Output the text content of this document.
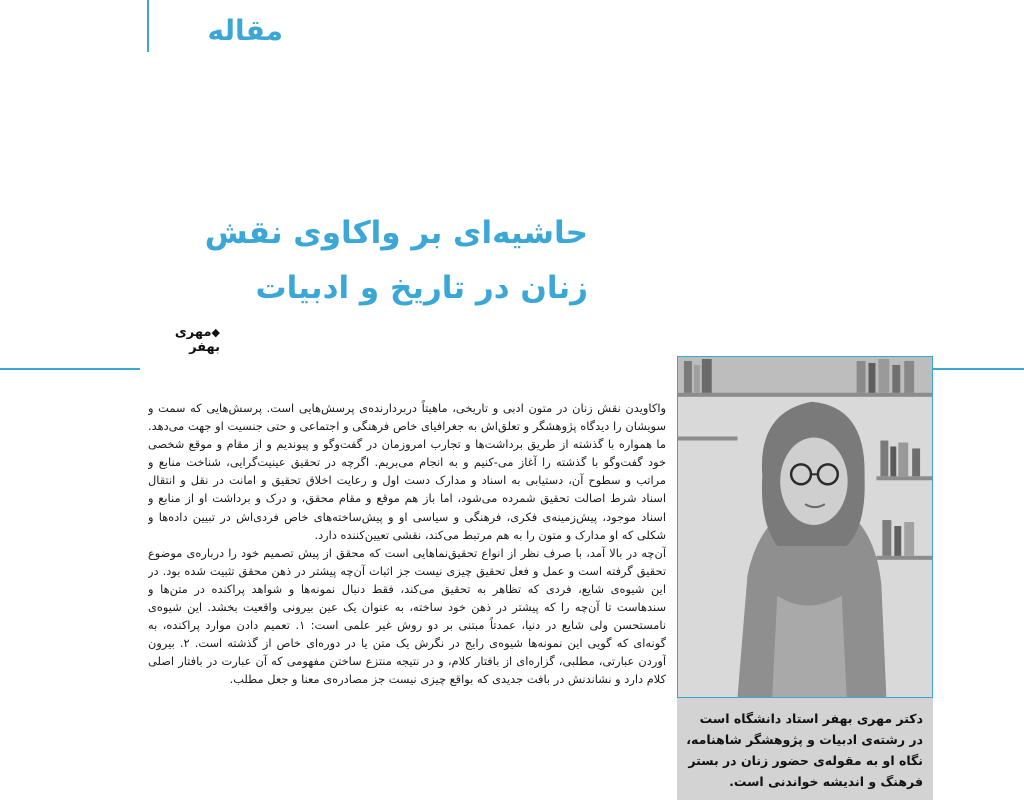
مقاله
حاشیه‌ای بر واکاوی نقش زنان در تاریخ و ادبیات
◆مهری بهفر
دکتر مهری بهفر استاد دانشگاه است در رشته‌ی ادبیات و پژوهشگر شاهنامه، نگاه او به مقوله‌ی حضور زنان در بستر فرهنگ و اندیشه خواندنی است.

واکاویدن نقش زنان در متون ادبی و تاریخی، ماهیتاً دربردارنده‌ی پرسش‌هایی است. پرسش‌هایی که سمت و سویشان را دیدگاه پژوهشگر و تعلق‌اش به جغرافیای خاص فرهنگی و اجتماعی و حتی جنسیت او جهت می‌دهد. ما همواره با گذشته از طریق برداشت‌ها و تجارب امروزمان در گفت‌وگو و پیوندیم و از مقام و موقع شخصی خود گفت‌وگو با گذشته را آغاز می‌-کنیم و به انجام می‌بریم. اگرچه در تحقیق عینیت‌گرایی، شناخت منابع و مراتب و سطوح آن، دستیابی به اسناد و مدارک دست اول و رعایت اخلاق تحقیق و امانت در نقل و انتقال اسناد شرط اصالت تحقیق شمرده می‌شود، اما باز هم موقع و مقام محقق، و درک و برداشت او از منابع و اسناد موجود، پیش‌زمینه‌ی فکری، فرهنگی و سیاسی او و پیش‌ساخته‌های خاص فردی‌اش در تبیین داده‌ها و شکلی که او مدارک و متون را به هم مرتبط می‌کند، نقشی تعیین‌کننده دارد.

آن‌چه در بالا آمد، با صرف نظر از انواع تحقیق‌نماهایی است که محقق از پیش تصمیم خود را درباره‌ی موضوع تحقیق گرفته است و عمل و فعل تحقیق چیزی نیست جز اثبات آن‌چه پیشتر در ذهن محقق تثبیت شده بود. در این شیوه‌ی شایع، فردی که تظاهر به تحقیق می‌کند، فقط دنبال نمونه‌ها و شواهد پراکنده در متن‌ها و سندهاست تا آن‌چه را که پیشتر در ذهن خود ساخته، به عنوان یک عین بیرونی واقعیت بخشد. این شیوه‌ی نامستحسن ولی شایع در دنیا، عمدتاً مبتنی بر دو روش غیر علمی است: ۱. تعمیم دادن موارد پراکنده، به گونه‌ای که گویی این نمونه‌ها شیوه‌ی رایج در نگرش یک متن یا در دوره‌ای خاص از گذشته است. ۲. بیرون آوردن عبارتی، مطلبی، گزاره‌ای از بافتار کلام، و در نتیجه منتزع ساختن مفهومی که آن عبارت در بافتار اصلی کلام دارد و نشاندنش در بافت جدیدی که بواقع چیزی نیست جز مصادره‌ی معنا و جعل مطلب.
